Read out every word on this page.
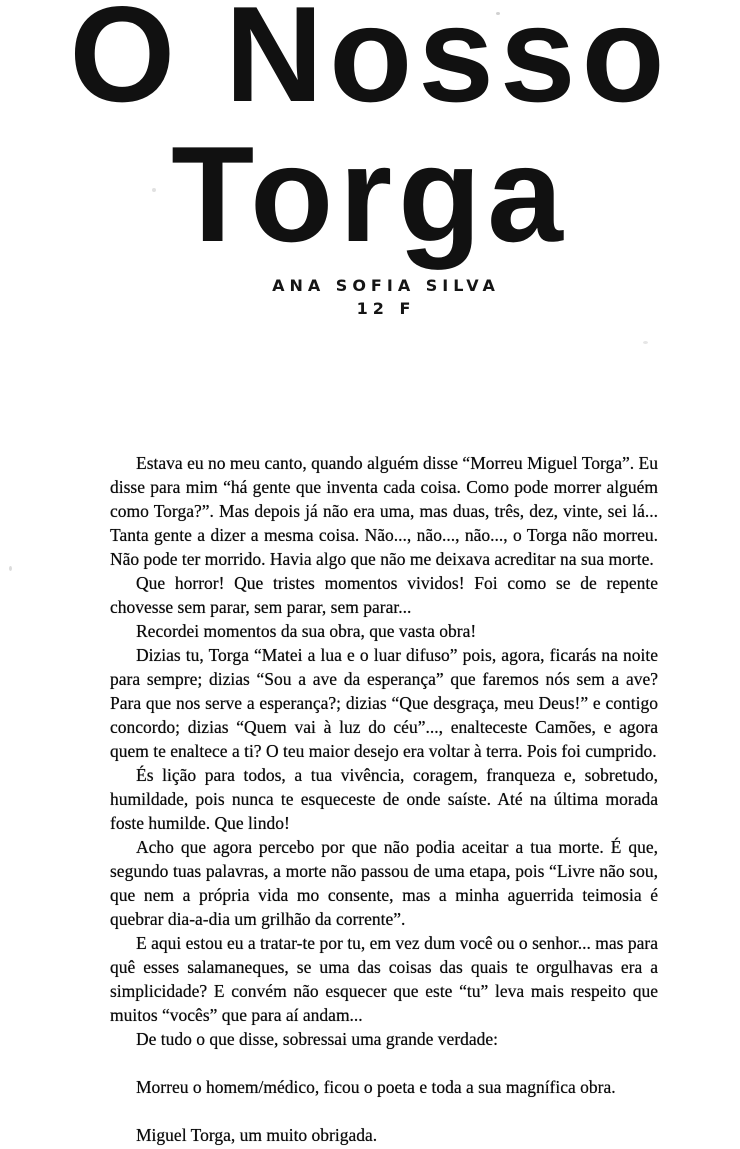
O Nosso
Torga
ANA SOFIA SILVA
12 F

Estava eu no meu canto, quando alguém disse “Morreu Miguel Torga”. Eu disse para mim “há gente que inventa cada coisa. Como pode morrer alguém como Torga?”. Mas depois já não era uma, mas duas, três, dez, vinte, sei lá... Tanta gente a dizer a mesma coisa. Não..., não..., não..., o Torga não morreu. Não pode ter morrido. Havia algo que não me deixava acreditar na sua morte.

Que horror! Que tristes momentos vividos! Foi como se de repente chovesse sem parar, sem parar, sem parar...

Recordei momentos da sua obra, que vasta obra!

Dizias tu, Torga “Matei a lua e o luar difuso” pois, agora, ficarás na noite para sempre; dizias “Sou a ave da esperança” que faremos nós sem a ave? Para que nos serve a esperança?; dizias “Que desgraça, meu Deus!” e contigo concordo; dizias “Quem vai à luz do céu”..., enalteceste Camões, e agora quem te enaltece a ti? O teu maior desejo era voltar à terra. Pois foi cumprido.

És lição para todos, a tua vivência, coragem, franqueza e, sobretudo, humildade, pois nunca te esqueceste de onde saíste. Até na última morada foste humilde. Que lindo!

Acho que agora percebo por que não podia aceitar a tua morte. É que, segundo tuas palavras, a morte não passou de uma etapa, pois “Livre não sou, que nem a própria vida mo consente, mas a minha aguerrida teimosia é quebrar dia-a-dia um grilhão da corrente”.

E aqui estou eu a tratar-te por tu, em vez dum você ou o senhor... mas para quê esses salamaneques, se uma das coisas das quais te orgulhavas era a simplicidade? E convém não esquecer que este “tu” leva mais respeito que muitos “vocês” que para aí andam...

De tudo o que disse, sobressai uma grande verdade:

Morreu o homem/médico, ficou o poeta e toda a sua magnífica obra.

Miguel Torga, um muito obrigada.
